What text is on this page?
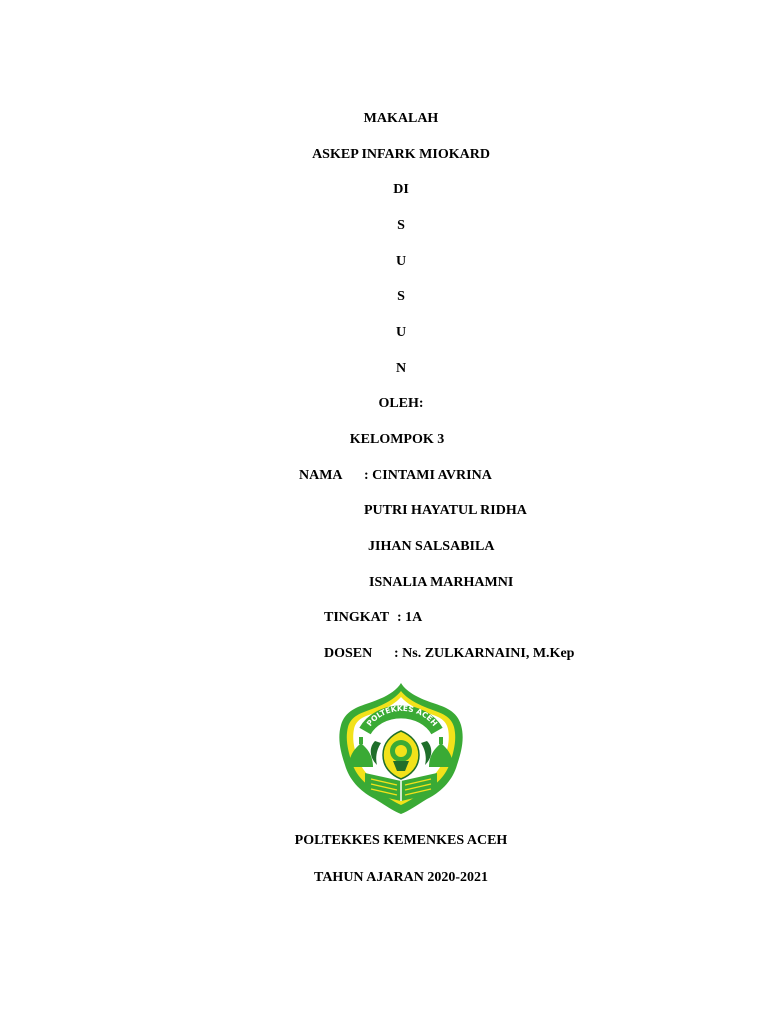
MAKALAH
ASKEP INFARK MIOKARD
DI
S
U
S
U
N
OLEH:
KELOMPOK 3
NAMA : CINTAMI AVRINA
PUTRI HAYATUL RIDHA
JIHAN SALSABILA
ISNALIA MARHAMNI
TINGKAT : 1A
DOSEN : Ns. ZULKARNAINI, M.Kep
POLTEKKES ACEH
POLTEKKES KEMENKES ACEH
TAHUN AJARAN 2020-2021
